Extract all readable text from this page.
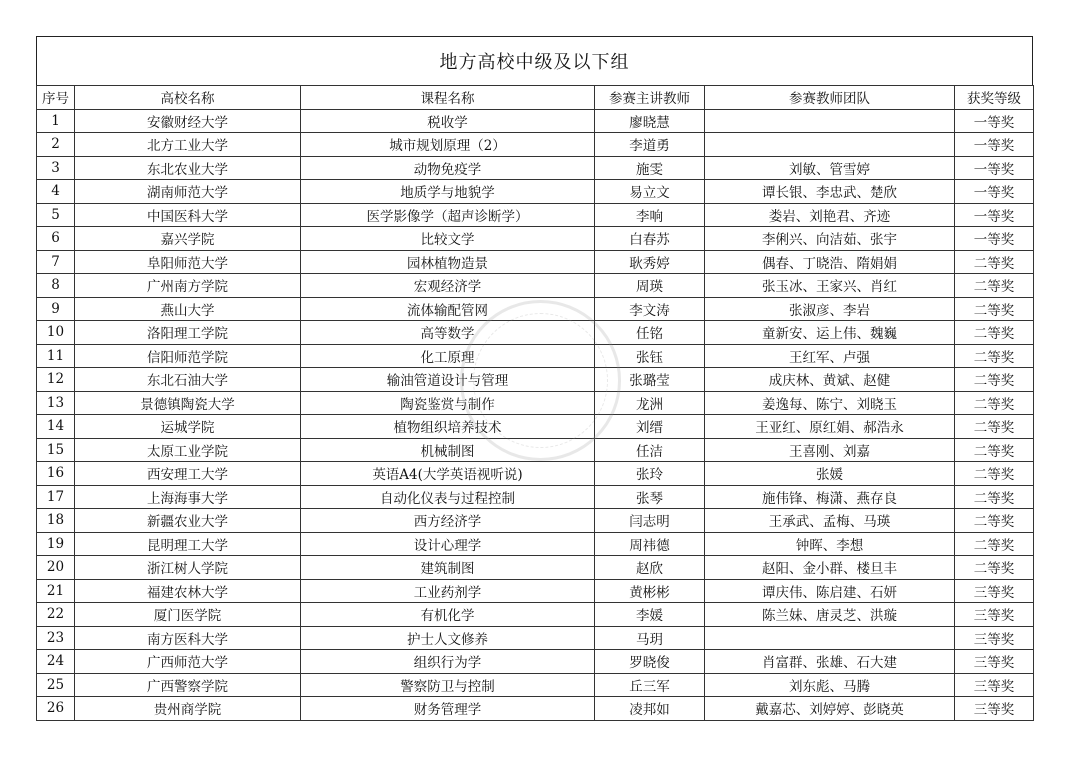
地方高校中级及以下组
序号	高校名称	课程名称	参赛主讲教师	参赛教师团队	获奖等级
1	安徽财经大学	税收学	廖晓慧		一等奖
2	北方工业大学	城市规划原理（2）	李道勇		一等奖
3	东北农业大学	动物免疫学	施雯	刘敏、管雪婷	一等奖
4	湖南师范大学	地质学与地貌学	易立文	谭长银、李忠武、楚欣	一等奖
5	中国医科大学	医学影像学（超声诊断学）	李响	娄岩、刘艳君、齐迹	一等奖
6	嘉兴学院	比较文学	白春苏	李俐兴、向洁茹、张宇	一等奖
7	阜阳师范大学	园林植物造景	耿秀婷	偶春、丁晓浩、隋娟娟	二等奖
8	广州南方学院	宏观经济学	周瑛	张玉冰、王家兴、肖红	二等奖
9	燕山大学	流体输配管网	李文涛	张淑彦、李岩	二等奖
10	洛阳理工学院	高等数学	任铭	童新安、运上伟、魏巍	二等奖
11	信阳师范学院	化工原理	张钰	王红军、卢强	二等奖
12	东北石油大学	输油管道设计与管理	张璐莹	成庆林、黄斌、赵健	二等奖
13	景德镇陶瓷大学	陶瓷鉴赏与制作	龙洲	姜逸每、陈宁、刘晓玉	二等奖
14	运城学院	植物组织培养技术	刘缙	王亚红、原红娟、郝浩永	二等奖
15	太原工业学院	机械制图	任洁	王喜刚、刘嘉	二等奖
16	西安理工大学	英语A4(大学英语视听说)	张玲	张媛	二等奖
17	上海海事大学	自动化仪表与过程控制	张琴	施伟锋、梅潇、燕存良	二等奖
18	新疆农业大学	西方经济学	闫志明	王承武、孟梅、马瑛	二等奖
19	昆明理工大学	设计心理学	周祎德	钟晖、李想	二等奖
20	浙江树人学院	建筑制图	赵欣	赵阳、金小群、楼旦丰	二等奖
21	福建农林大学	工业药剂学	黄彬彬	谭庆伟、陈启建、石妍	三等奖
22	厦门医学院	有机化学	李媛	陈兰妹、唐灵芝、洪璇	三等奖
23	南方医科大学	护士人文修养	马玥		三等奖
24	广西师范大学	组织行为学	罗晓俊	肖富群、张雄、石大建	三等奖
25	广西警察学院	警察防卫与控制	丘三军	刘东彪、马腾	三等奖
26	贵州商学院	财务管理学	凌邦如	戴嘉芯、刘婷婷、彭晓英	三等奖
